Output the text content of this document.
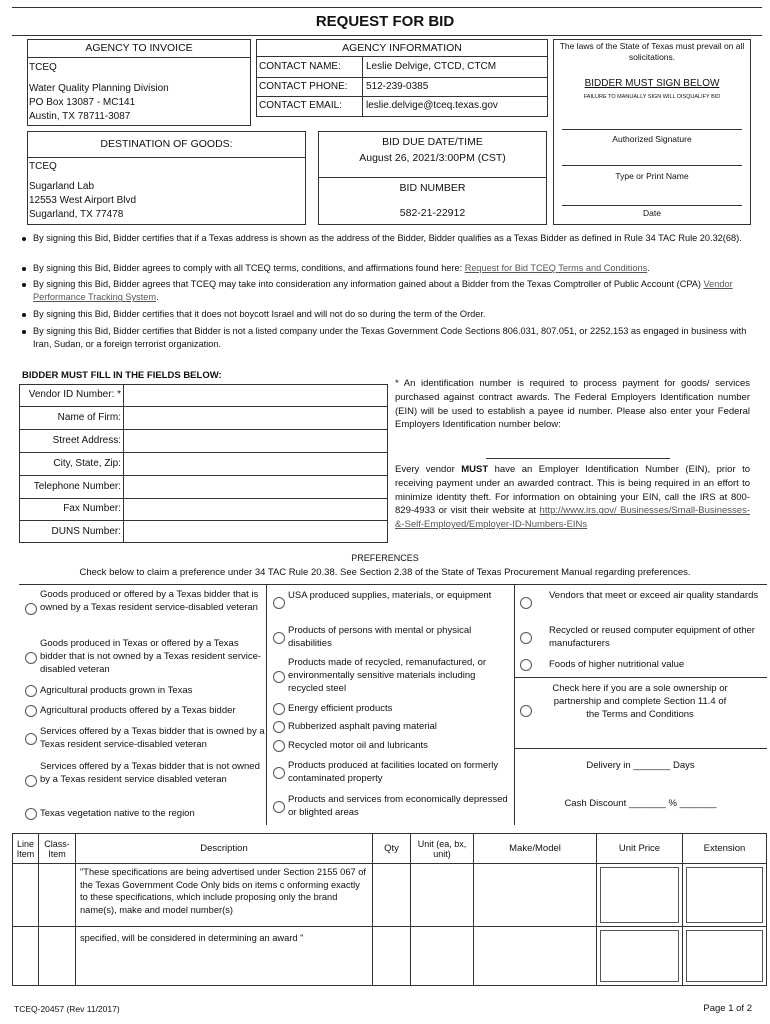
REQUEST FOR BID
AGENCY TO INVOICE
TCEQ
Water Quality Planning Division
PO Box 13087 - MC141
Austin, TX 78711-3087
AGENCY INFORMATION
CONTACT NAME:	Leslie Delvige, CTCD, CTCM
CONTACT PHONE: 512-239-0385
CONTACT EMAIL: leslie.delvige@tceq.texas.gov
The laws of the State of Texas must prevail on all solicitations.
BIDDER MUST SIGN BELOW
FAILURE TO MANUALLY SIGN WILL DISQUALIFY BID
Authorized Signature
Type or Print Name
Date
DESTINATION OF GOODS:
TCEQ
Sugarland Lab
12553 West Airport Blvd
Sugarland, TX 77478
BID DUE DATE/TIME
August 26, 2021/3:00PM (CST)
BID NUMBER
582-21-22912
By signing this Bid, Bidder certifies that if a Texas address is shown as the address of the Bidder, Bidder qualifies as a Texas Bidder as defined in Rule 34 TAC Rule 20.32(68).
By signing this Bid, Bidder agrees to comply with all TCEQ terms, conditions, and affirmations found here: Request for Bid TCEQ Terms and Conditions.
By signing this Bid, Bidder agrees that TCEQ may take into consideration any information gained about a Bidder from the Texas Comptroller of Public Account (CPA) Vendor Performance Tracking System.
By signing this Bid, Bidder certifies that it does not boycott Israel and will not do so during the term of the Order.
By signing this Bid, Bidder certifies that Bidder is not a listed company under the Texas Government Code Sections 806.031, 807.051, or 2252.153 as engaged in business with Iran, Sudan, or a foreign terrorist organization.
BIDDER MUST FILL IN THE FIELDS BELOW:
Vendor ID Number: *
Name of Firm:
Street Address:
City, State, Zip:
Telephone Number:
Fax Number:
DUNS Number:
* An identification number is required to process payment for goods/ services purchased against contract awards. The Federal Employers Identification number (EIN) will be used to establish a payee id number. Please also enter your Federal Employers Identification number below:
Every vendor MUST have an Employer Identification Number (EIN), prior to receiving payment under an awarded contract. This is being required in an effort to minimize identity theft. For information on obtaining your EIN, call the IRS at 800-829-4933 or visit their website at http://www.irs.gov/ Businesses/Small-Businesses-&-Self-Employed/Employer-ID-Numbers-EINs
PREFERENCES
Check below to claim a preference under 34 TAC Rule 20.38. See Section 2.38 of the State of Texas Procurement Manual regarding preferences.
Goods produced or offered by a Texas bidder that is owned by a Texas resident service-disabled veteran
Goods produced in Texas or offered by a Texas bidder that is not owned by a Texas resident service-disabled veteran
Agricultural products grown in Texas
Agricultural products offered by a Texas bidder
Services offered by a Texas bidder that is owned by a Texas resident service-disabled veteran
Services offered by a Texas bidder that is not owned by a Texas resident service disabled veteran
Texas vegetation native to the region
USA produced supplies, materials, or equipment
Products of persons with mental or physical disabilities
Products made of recycled, remanufactured, or environmentally sensitive materials including recycled steel
Energy efficient products
Rubberized asphalt paving material
Recycled motor oil and lubricants
Products produced at facilities located on formerly contaminated property
Products and services from economically depressed or blighted areas
Vendors that meet or exceed air quality standards
Recycled or reused computer equipment of other manufacturers
Foods of higher nutritional value
Check here if you are a sole ownership or partnership and complete Section 11.4 of the Terms and Conditions
Delivery in _______ Days
Cash Discount _______ % _______
Line Item	Class-Item	Description	Qty	Unit (ea, bx, unit)	Make/Model	Unit Price	Extension
		"These specifications are being advertised under Section 2155 067 of the Texas Government Code Only bids on items c onforming exactly to these specifications, which include proposing only the brand name(s), make and model number(s)				

		specified, will be considered in determining an award "				

TCEQ-20457 (Rev 11/2017)	Page 1 of 2
